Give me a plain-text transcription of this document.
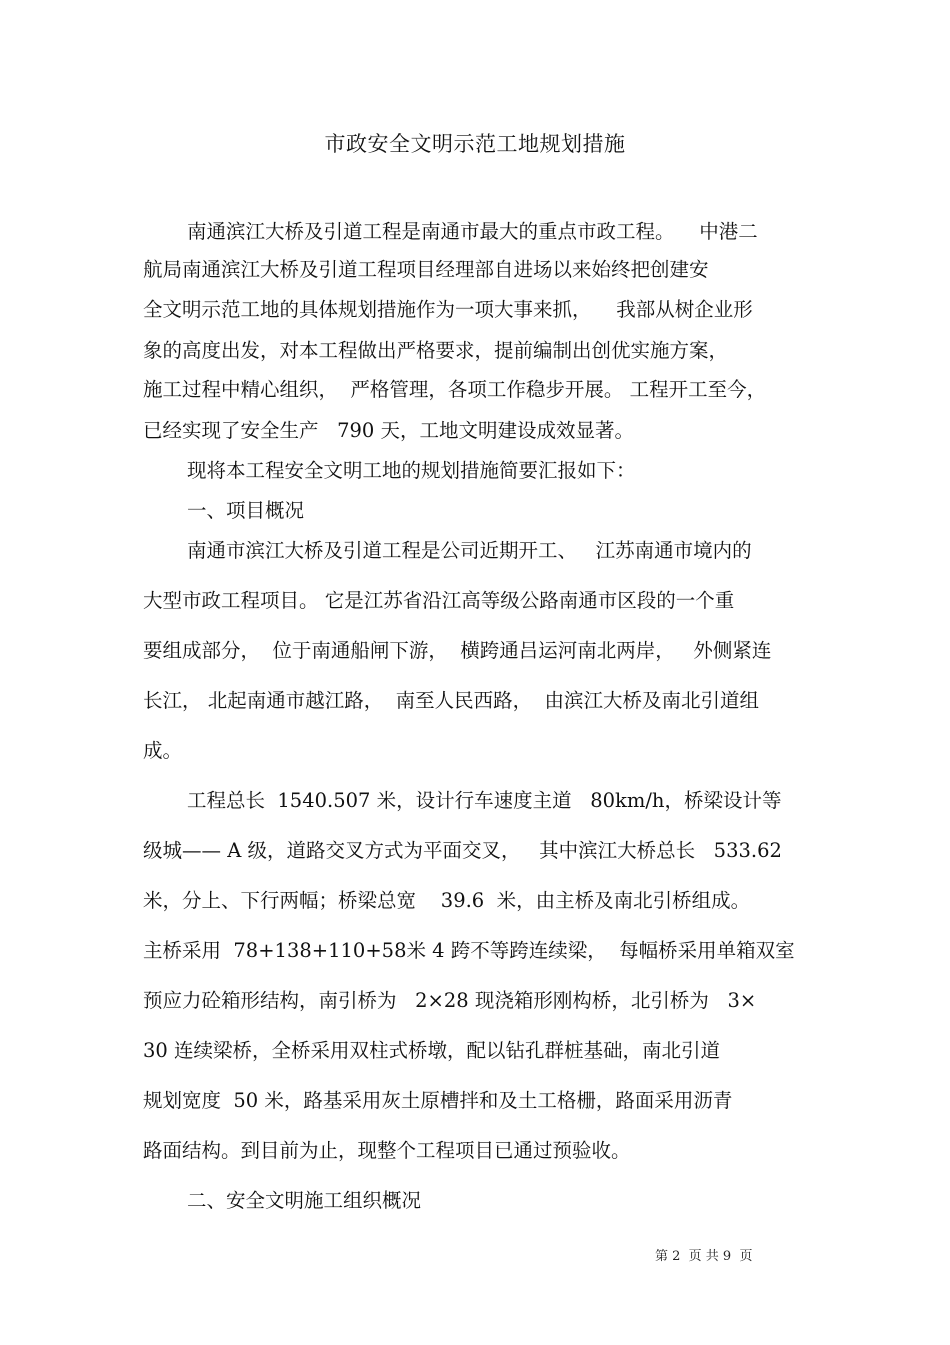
市政安全文明示范工地规划措施

南通滨江大桥及引道工程是南通市最大的重点市政工程。    中港二

航局南通滨江大桥及引道工程项目经理部自进场以来始终把创建安

全文明示范工地的具体规划措施作为一项大事来抓，    我部从树企业形

象的高度出发，对本工程做出严格要求，提前编制出创优实施方案，

施工过程中精心组织，  严格管理，各项工作稳步开展。 工程开工至今，

已经实现了安全生产   790 天，工地文明建设成效显著。

现将本工程安全文明工地的规划措施简要汇报如下：

一、项目概况

南通市滨江大桥及引道工程是公司近期开工、   江苏南通市境内的

大型市政工程项目。 它是江苏省沿江高等级公路南通市区段的一个重

要组成部分，  位于南通船闸下游，  横跨通吕运河南北两岸，   外侧紧连

长江， 北起南通市越江路，  南至人民西路，  由滨江大桥及南北引道组

成。

工程总长  1540.507 米，设计行车速度主道   80km/h，桥梁设计等

级城—— A 级，道路交叉方式为平面交叉，   其中滨江大桥总长   533.62

米，分上、下行两幅；桥梁总宽    39.6  米，由主桥及南北引桥组成。

主桥采用  78+138+110+58米 4 跨不等跨连续梁，  每幅桥采用单箱双室

预应力砼箱形结构，南引桥为   2×28 现浇箱形刚构桥，北引桥为   3×

30 连续梁桥，全桥采用双柱式桥墩，配以钻孔群桩基础，南北引道

规划宽度  50 米，路基采用灰土原槽拌和及土工格栅，路面采用沥青

路面结构。到目前为止，现整个工程项目已通过预验收。

二、安全文明施工组织概况

第 2  页 共 9  页
